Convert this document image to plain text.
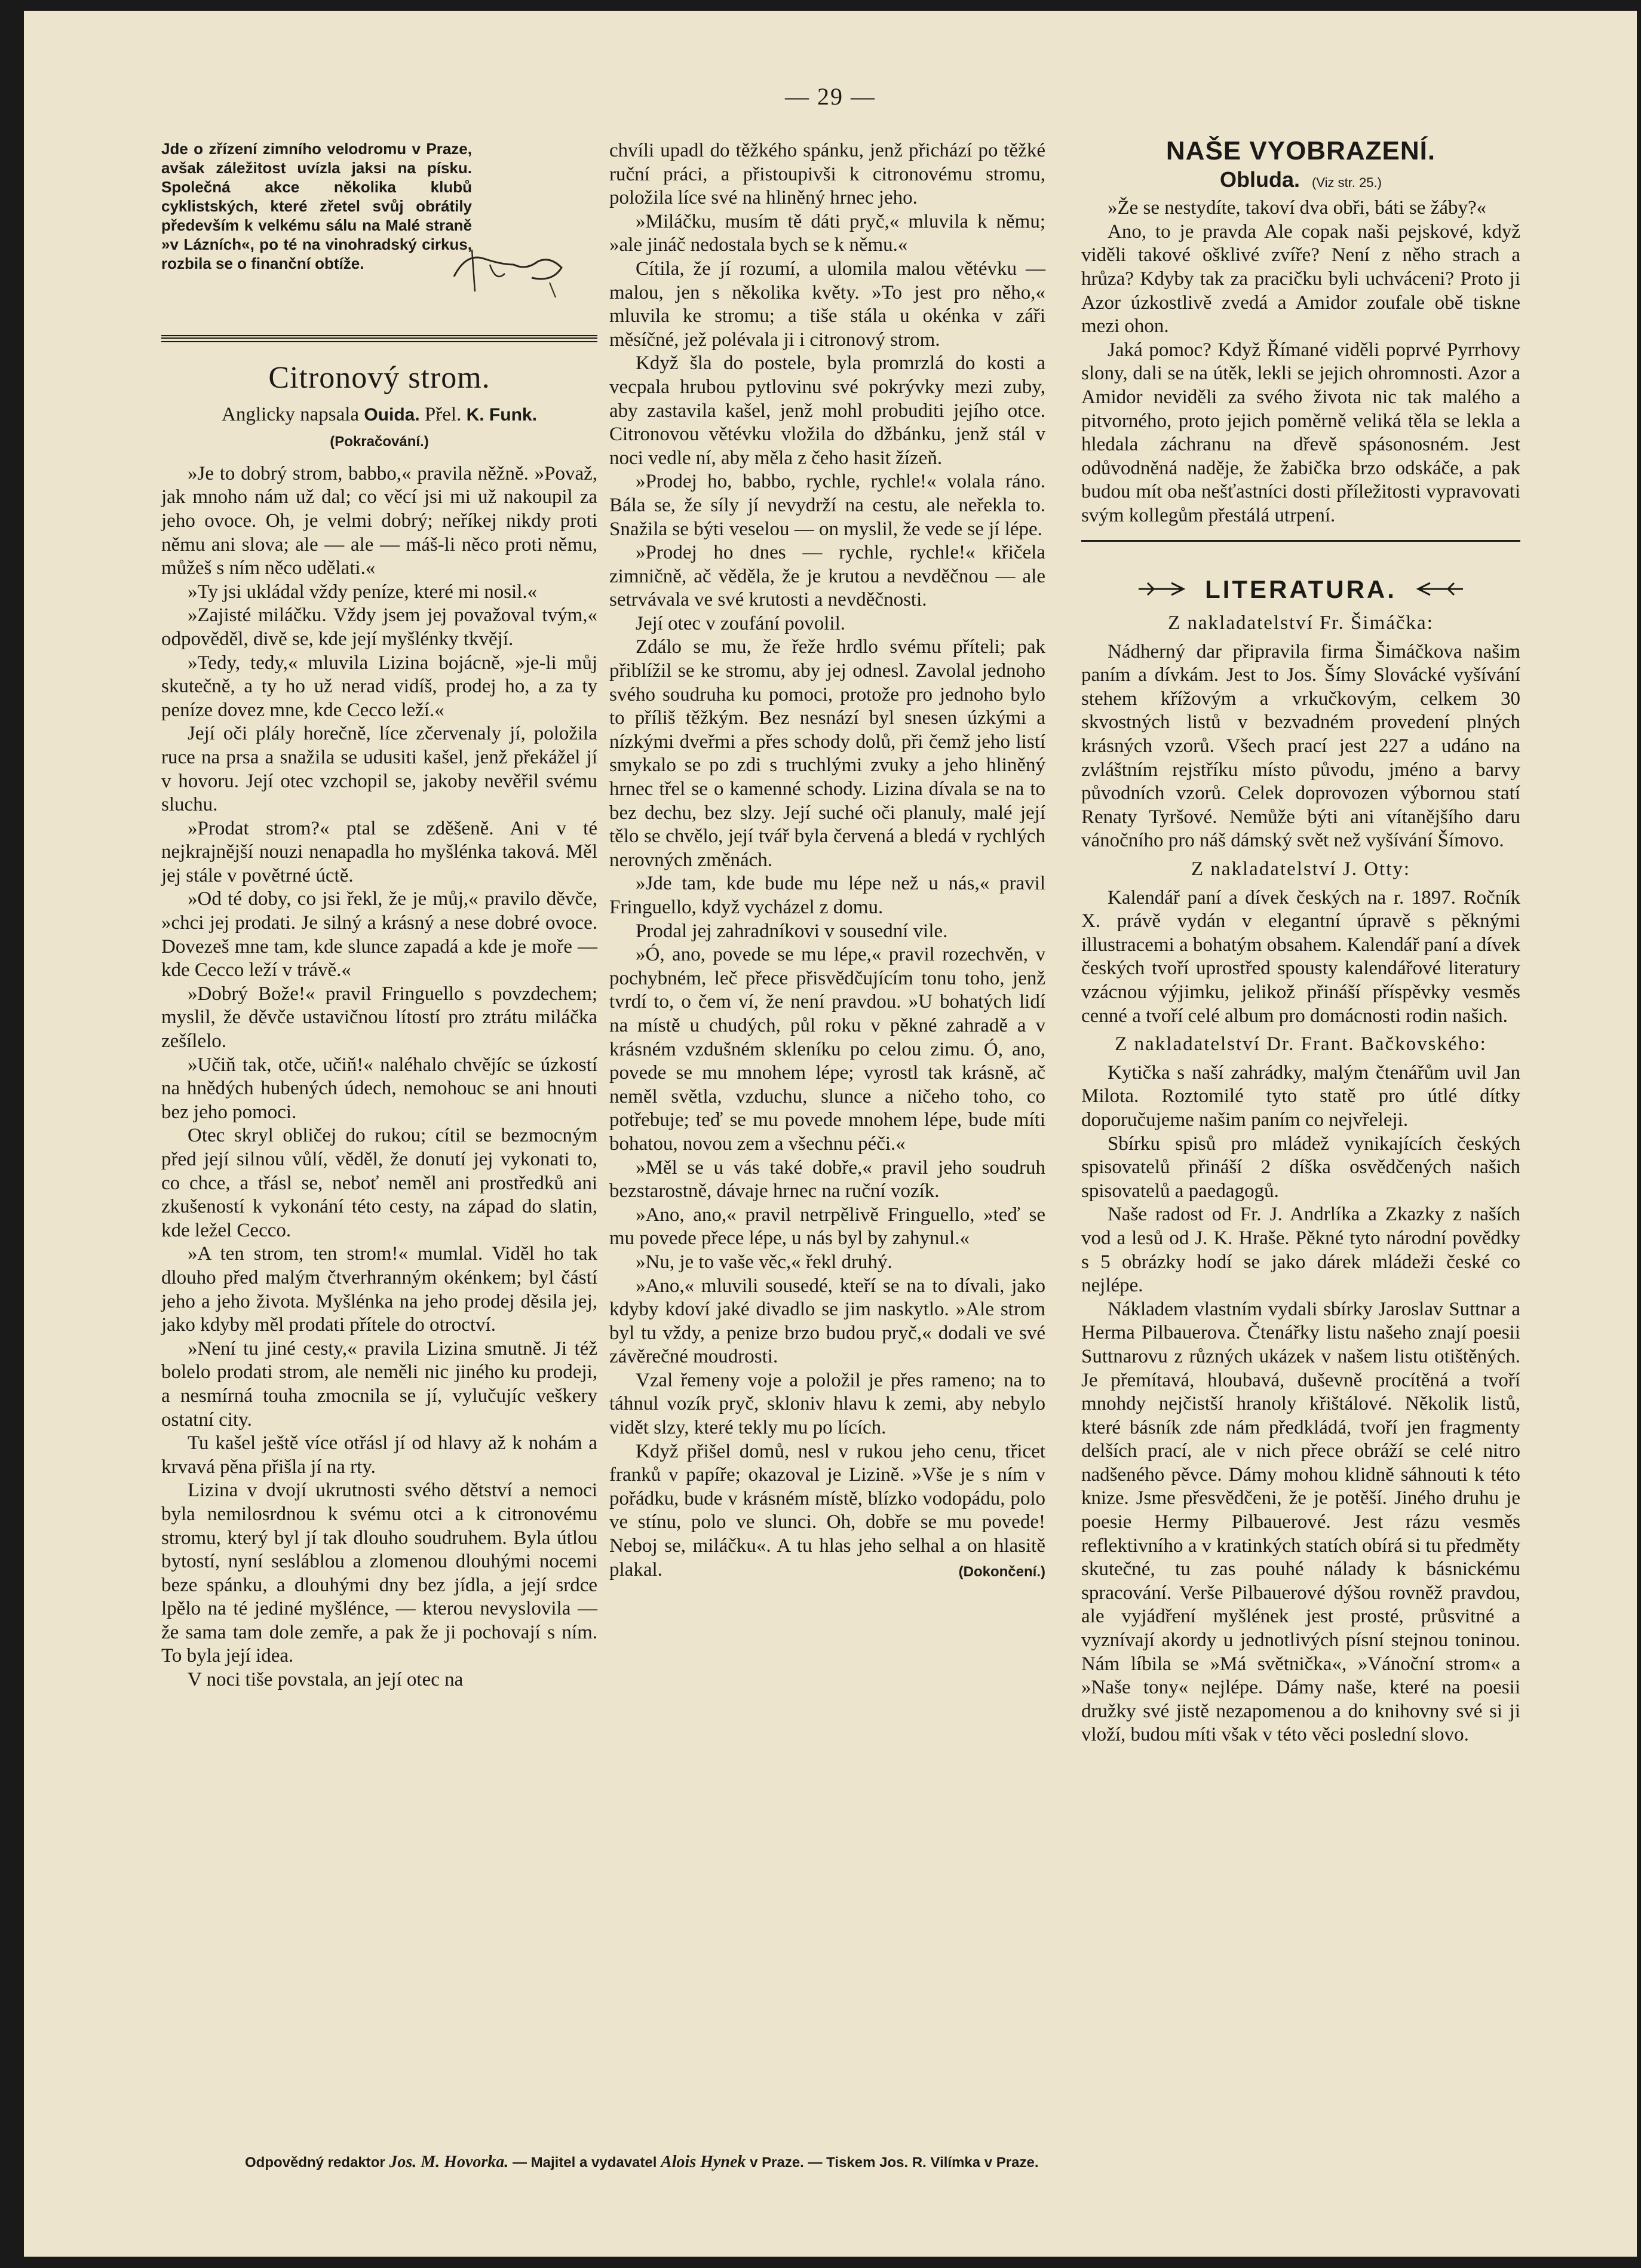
— 29 —

Jde o zřízení zimního velodromu v Praze, avšak záležitost uvízla jaksi na písku. Společná akce několika klubů cyklistských, které zřetel svůj obrátily především k velkému sálu na Malé straně »v Lázních«, po té na vinohradský cirkus, rozbila se o finanční obtíže.

Citronový strom.
Anglicky napsala Ouida. Přel. K. Funk.
(Pokračování.)

»Je to dobrý strom, babbo,« pravila něžně. »Považ, jak mnoho nám už dal; co věcí jsi mi už nakoupil za jeho ovoce. Oh, je velmi dobrý; neříkej nikdy proti němu ani slova; ale — ale — máš-li něco proti němu, můžeš s ním něco udělati.«

»Ty jsi ukládal vždy peníze, které mi nosil.«

»Zajisté miláčku. Vždy jsem jej považoval tvým,« odpověděl, divě se, kde její myšlénky tkvějí.

»Tedy, tedy,« mluvila Lizina bojácně, »je-li můj skutečně, a ty ho už nerad vidíš, prodej ho, a za ty peníze dovez mne, kde Cecco leží.«

Její oči plály horečně, líce zčervenaly jí, položila ruce na prsa a snažila se udusiti kašel, jenž překážel jí v hovoru. Její otec vzchopil se, jakoby nevěřil svému sluchu.

»Prodat strom?« ptal se zděšeně. Ani v té nejkrajnější nouzi nenapadla ho myšlénka taková. Měl jej stále v povětrné úctě.

»Od té doby, co jsi řekl, že je můj,« pravilo děvče, »chci jej prodati. Je silný a krásný a nese dobré ovoce. Dovezeš mne tam, kde slunce zapadá a kde je moře — kde Cecco leží v trávě.«

»Dobrý Bože!« pravil Fringuello s povzdechem; myslil, že děvče ustavičnou lítostí pro ztrátu miláčka zešílelo.

»Učiň tak, otče, učiň!« naléhalo chvějíc se úzkostí na hnědých hubených údech, nemohouc se ani hnouti bez jeho pomoci.

Otec skryl obličej do rukou; cítil se bezmocným před její silnou vůlí, věděl, že donutí jej vykonati to, co chce, a třásl se, neboť neměl ani prostředků ani zkušeností k vykonání této cesty, na západ do slatin, kde ležel Cecco.

»A ten strom, ten strom!« mumlal. Viděl ho tak dlouho před malým čtverhranným okénkem; byl částí jeho a jeho života. Myšlénka na jeho prodej děsila jej, jako kdyby měl prodati přítele do otroctví.

»Není tu jiné cesty,« pravila Lizina smutně. Ji též bolelo prodati strom, ale neměli nic jiného ku prodeji, a nesmírná touha zmocnila se jí, vylučujíc veškery ostatní city.

Tu kašel ještě více otřásl jí od hlavy až k nohám a krvavá pěna přišla jí na rty.

Lizina v dvojí ukrutnosti svého dětství a nemoci byla nemilosrdnou k svému otci a k citronovému stromu, který byl jí tak dlouho soudruhem. Byla útlou bytostí, nyní sesláblou a zlomenou dlouhými nocemi beze spánku, a dlouhými dny bez jídla, a její srdce lpělo na té jediné myšlénce, — kterou nevyslovila — že sama tam dole zemře, a pak že ji pochovají s ním. To byla její idea.

V noci tiše povstala, an její otec na

chvíli upadl do těžkého spánku, jenž přichází po těžké ruční práci, a přistoupivši k citronovému stromu, položila líce své na hliněný hrnec jeho.

»Miláčku, musím tě dáti pryč,« mluvila k němu; »ale jináč nedostala bych se k němu.«

Cítila, že jí rozumí, a ulomila malou větévku — malou, jen s několika květy. »To jest pro něho,« mluvila ke stromu; a tiše stála u okénka v záři měsíčné, jež polévala ji i citronový strom.

Když šla do postele, byla promrzlá do kosti a vecpala hrubou pytlovinu své pokrývky mezi zuby, aby zastavila kašel, jenž mohl probuditi jejího otce. Citronovou větévku vložila do džbánku, jenž stál v noci vedle ní, aby měla z čeho hasit žízeň.

»Prodej ho, babbo, rychle, rychle!« volala ráno. Bála se, že síly jí nevydrží na cestu, ale neřekla to. Snažila se býti veselou — on myslil, že vede se jí lépe.

»Prodej ho dnes — rychle, rychle!« křičela zimničně, ač věděla, že je krutou a nevděčnou — ale setrvávala ve své krutosti a nevděčnosti.

Její otec v zoufání povolil.

Zdálo se mu, že řeže hrdlo svému příteli; pak přiblížil se ke stromu, aby jej odnesl. Zavolal jednoho svého soudruha ku pomoci, protože pro jednoho bylo to příliš těžkým. Bez nesnází byl snesen úzkými a nízkými dveřmi a přes schody dolů, při čemž jeho listí smykalo se po zdi s truchlými zvuky a jeho hliněný hrnec třel se o kamenné schody. Lizina dívala se na to bez dechu, bez slzy. Její suché oči planuly, malé její tělo se chvělo, její tvář byla červená a bledá v rychlých nerovných změnách.

»Jde tam, kde bude mu lépe než u nás,« pravil Fringuello, když vycházel z domu.

Prodal jej zahradníkovi v sousední vile.

»Ó, ano, povede se mu lépe,« pravil rozechvěn, v pochybném, leč přece přisvědčujícím tonu toho, jenž tvrdí to, o čem ví, že není pravdou. »U bohatých lidí na místě u chudých, půl roku v pěkné zahradě a v krásném vzdušném skleníku po celou zimu. Ó, ano, povede se mu mnohem lépe; vyrostl tak krásně, ač neměl světla, vzduchu, slunce a ničeho toho, co potřebuje; teď se mu povede mnohem lépe, bude míti bohatou, novou zem a všechnu péči.«

»Měl se u vás také dobře,« pravil jeho soudruh bezstarostně, dávaje hrnec na ruční vozík.

»Ano, ano,« pravil netrpělivě Fringuello, »teď se mu povede přece lépe, u nás byl by zahynul.«

»Nu, je to vaše věc,« řekl druhý.

»Ano,« mluvili sousedé, kteří se na to dívali, jako kdyby kdoví jaké divadlo se jim naskytlo. »Ale strom byl tu vždy, a penize brzo budou pryč,« dodali ve své závěrečné moudrosti.

Vzal řemeny voje a položil je přes rameno; na to táhnul vozík pryč, skloniv hlavu k zemi, aby nebylo vidět slzy, které tekly mu po lících.

Když přišel domů, nesl v rukou jeho cenu, třicet franků v papíře; okazoval je Lizině. »Vše je s ním v pořádku, bude v krásném místě, blízko vodopádu, polo ve stínu, polo ve slunci. Oh, dobře se mu povede! Neboj se, miláčku«. A tu hlas jeho selhal a on hlasitě plakal.	(Dokončení.)
NAŠE VYOBRAZENÍ.
Obluda. (Viz str. 25.)

»Že se nestydíte, takoví dva obři, báti se žáby?«

Ano, to je pravda Ale copak naši pejskové, když viděli takové ošklivé zvíře? Není z něho strach a hrůza? Kdyby tak za pracičku byli uchváceni? Proto ji Azor úzkostlivě zvedá a Amidor zoufale obě tiskne mezi ohon.

Jaká pomoc? Když Římané viděli poprvé Pyrrhovy slony, dali se na útěk, lekli se jejich ohromnosti. Azor a Amidor neviděli za svého života nic tak malého a pitvorného, proto jejich poměrně veliká těla se lekla a hledala záchranu na dřevě spásonosném. Jest odůvodněná naděje, že žabička brzo odskáče, a pak budou mít oba nešťastníci dosti příležitosti vypravovati svým kollegům přestálá utrpení.

LITERATURA.

Z nakladatelství Fr. Šimáčka:

Nádherný dar připravila firma Šimáčkova našim paním a dívkám. Jest to Jos. Šímy Slovácké vyšívání stehem křížovým a vrkučkovým, celkem 30 skvostných listů v bezvadném provedení plných krásných vzorů. Všech prací jest 227 a udáno na zvláštním rejstříku místo původu, jméno a barvy původních vzorů. Celek doprovozen výbornou statí Renaty Tyršové. Nemůže býti ani vítanějšího daru vánočního pro náš dámský svět než vyšívání Šímovo.

Z nakladatelství J. Otty:

Kalendář paní a dívek českých na r. 1897. Ročník X. právě vydán v elegantní úpravě s pěknými illustracemi a bohatým obsahem. Kalendář paní a dívek českých tvoří uprostřed spousty kalendářové literatury vzácnou výjimku, jelikož přináší příspěvky vesměs cenné a tvoří celé album pro domácnosti rodin našich.

Z nakladatelství Dr. Frant. Bačkovského:

Kytička s naší zahrádky, malým čtenářům uvil Jan Milota. Roztomilé tyto statě pro útlé dítky doporučujeme našim paním co nejvřeleji.

Sbírku spisů pro mládež vynikajících českých spisovatelů přináší 2 díška osvědčených našich spisovatelů a paedagogů.

Naše radost od Fr. J. Andrlíka a Zkazky z naších vod a lesů od J. K. Hraše. Pěkné tyto národní povědky s 5 obrázky hodí se jako dárek mládeži české co nejlépe.

Nákladem vlastním vydali sbírky Jaroslav Suttnar a Herma Pilbauerova. Čtenářky listu našeho znají poesii Suttnarovu z různých ukázek v našem listu otištěných. Je přemítavá, hloubavá, duševně procítěná a tvoří mnohdy nejčistší hranoly křištálové. Několik listů, které básník zde nám předkládá, tvoří jen fragmenty delších prací, ale v nich přece obráží se celé nitro nadšeného pěvce. Dámy mohou klidně sáhnouti k této knize. Jsme přesvědčeni, že je potěší. Jiného druhu je poesie Hermy Pilbauerové. Jest rázu vesměs reflektivního a v kratinkých statích obírá si tu předměty skutečné, tu zas pouhé nálady k básnickému spracování. Verše Pilbauerové dýšou rovněž pravdou, ale vyjádření myšlének jest prosté, průsvitné a vyznívají akordy u jednotlivých písní stejnou toninou. Nám líbila se »Má světnička«, »Vánoční strom« a »Naše tony« nejlépe. Dámy naše, které na poesii družky své jistě nezapomenou a do knihovny své si ji vloží, budou míti však v této věci poslední slovo.

Odpovědný redaktor Jos. M. Hovorka. — Majitel a vydavatel Alois Hynek v Praze. — Tiskem Jos. R. Vilímka v Praze.
